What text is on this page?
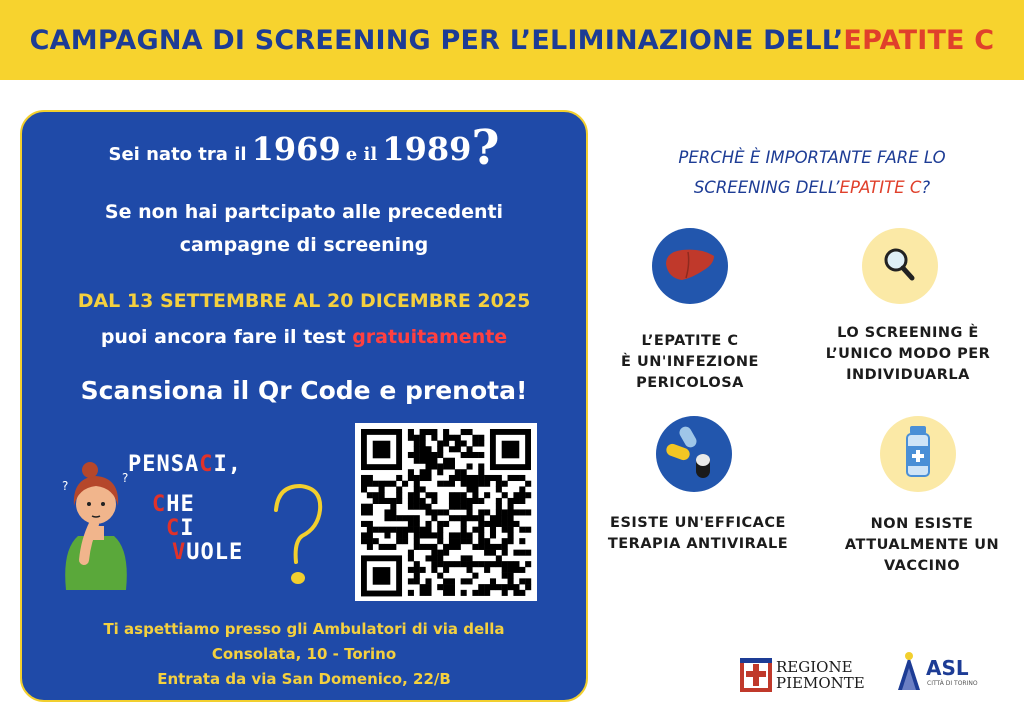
CAMPAGNA DI SCREENING PER L’ELIMINAZIONE DELL’EPATITE C
Sei nato tra il 1969 e il 1989?
Se non hai partcipato alle precedenti
campagne di screening
DAL 13 SETTEMBRE AL 20 DICEMBRE 2025
puoi ancora fare il test gratuitamente
Scansiona il Qr Code e prenota!
?
?
PENSACI,
CHE
CI
VUOLE
Ti aspettiamo presso gli Ambulatori di via della
Consolata, 10 - Torino
Entrata da via San Domenico, 22/B
PERCHÈ È IMPORTANTE FARE LO
SCREENING DELL’EPATITE C?
L’EPATITE C
È UN'INFEZIONE
PERICOLOSA
LO SCREENING È
L’UNICO MODO PER
INDIVIDUARLA
ESISTE UN'EFFICACE
TERAPIA ANTIVIRALE
NON ESISTE
ATTUALMENTE UN
VACCINO
REGIONE
PIEMONTE
ASL
CITTÀ DI TORINO
